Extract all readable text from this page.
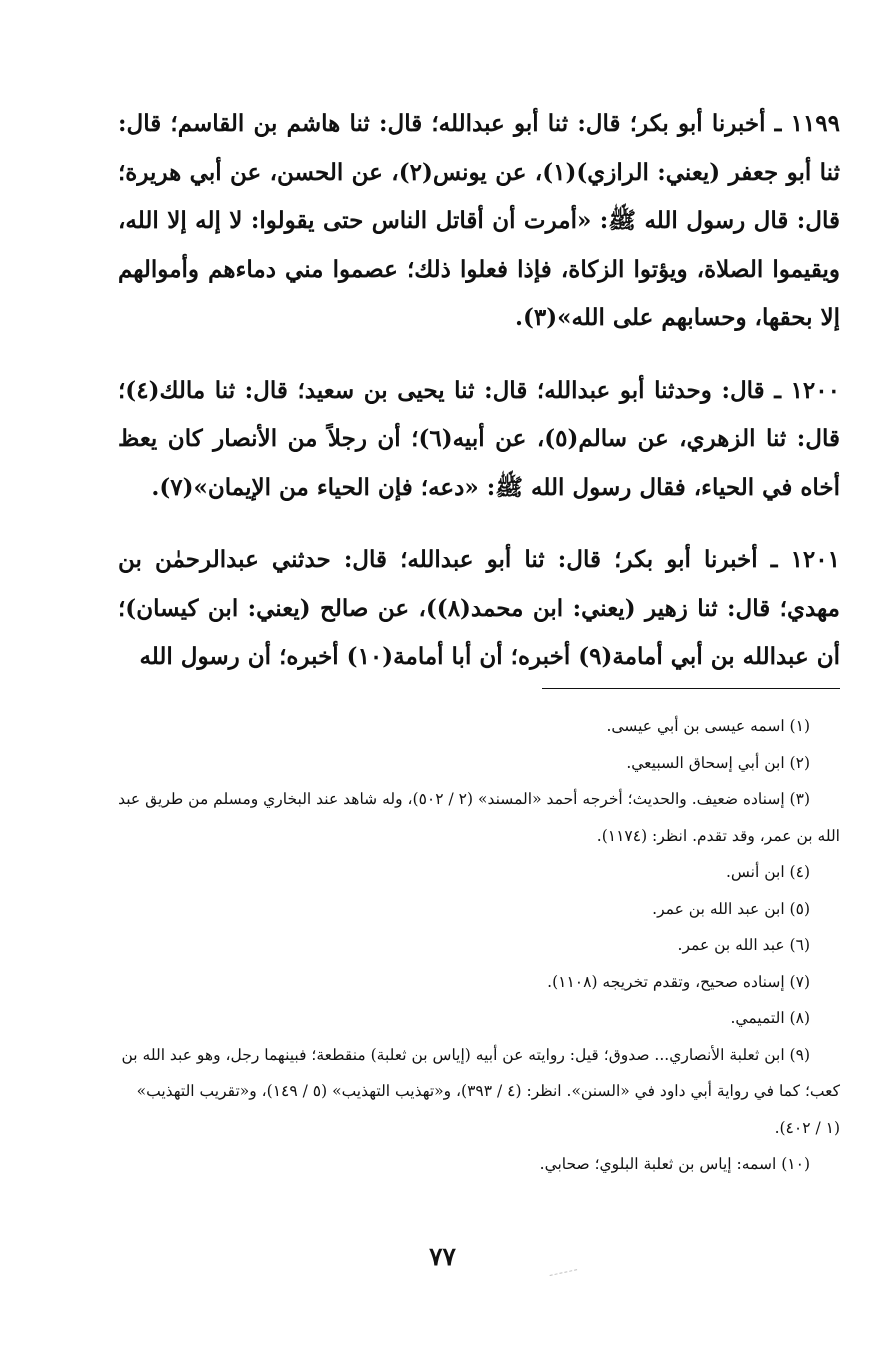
١١٩٩ ـ أخبرنا أبو بكر؛ قال: ثنا أبو عبدالله؛ قال: ثنا هاشم بن القاسم؛ قال: ثنا أبو جعفر (يعني: الرازي)(١)، عن يونس(٢)، عن الحسن، عن أبي هريرة؛ قال: قال رسول الله ﷺ: «أمرت أن أقاتل الناس حتى يقولوا: لا إله إلا الله، ويقيموا الصلاة، ويؤتوا الزكاة، فإذا فعلوا ذلك؛ عصموا مني دماءهم وأموالهم إلا بحقها، وحسابهم على الله»(٣).

١٢٠٠ ـ قال: وحدثنا أبو عبدالله؛ قال: ثنا يحيى بن سعيد؛ قال: ثنا مالك(٤)؛ قال: ثنا الزهري، عن سالم(٥)، عن أبيه(٦)؛ أن رجلاً من الأنصار كان يعظ أخاه في الحياء، فقال رسول الله ﷺ: «دعه؛ فإن الحياء من الإيمان»(٧).

١٢٠١ ـ أخبرنا أبو بكر؛ قال: ثنا أبو عبدالله؛ قال: حدثني عبدالرحمٰن بن مهدي؛ قال: ثنا زهير (يعني: ابن محمد(٨))، عن صالح (يعني: ابن كيسان)؛ أن عبدالله بن أبي أمامة(٩) أخبره؛ أن أبا أمامة(١٠) أخبره؛ أن رسول الله

(١) اسمه عيسى بن أبي عيسى.

(٢) ابن أبي إسحاق السبيعي.

(٣) إسناده ضعيف. والحديث؛ أخرجه أحمد «المسند» (٢ / ٥٠٢)، وله شاهد عند البخاري ومسلم من طريق عبد الله بن عمر، وقد تقدم. انظر: (١١٧٤).

(٤) ابن أنس.

(٥) ابن عبد الله بن عمر.

(٦) عبد الله بن عمر.

(٧) إسناده صحيح، وتقدم تخريجه (١١٠٨).

(٨) التميمي.

(٩) ابن ثعلبة الأنصاري... صدوق؛ قيل: روايته عن أبيه (إياس بن ثعلبة) منقطعة؛ فبينهما رجل، وهو عبد الله بن كعب؛ كما في رواية أبي داود في «السنن». انظر: (٤ / ٣٩٣)، و«تهذيب التهذيب» (٥ / ١٤٩)، و«تقريب التهذيب» (١ / ٤٠٢).

(١٠) اسمه: إياس بن ثعلبة البلوي؛ صحابي.

٧٧
